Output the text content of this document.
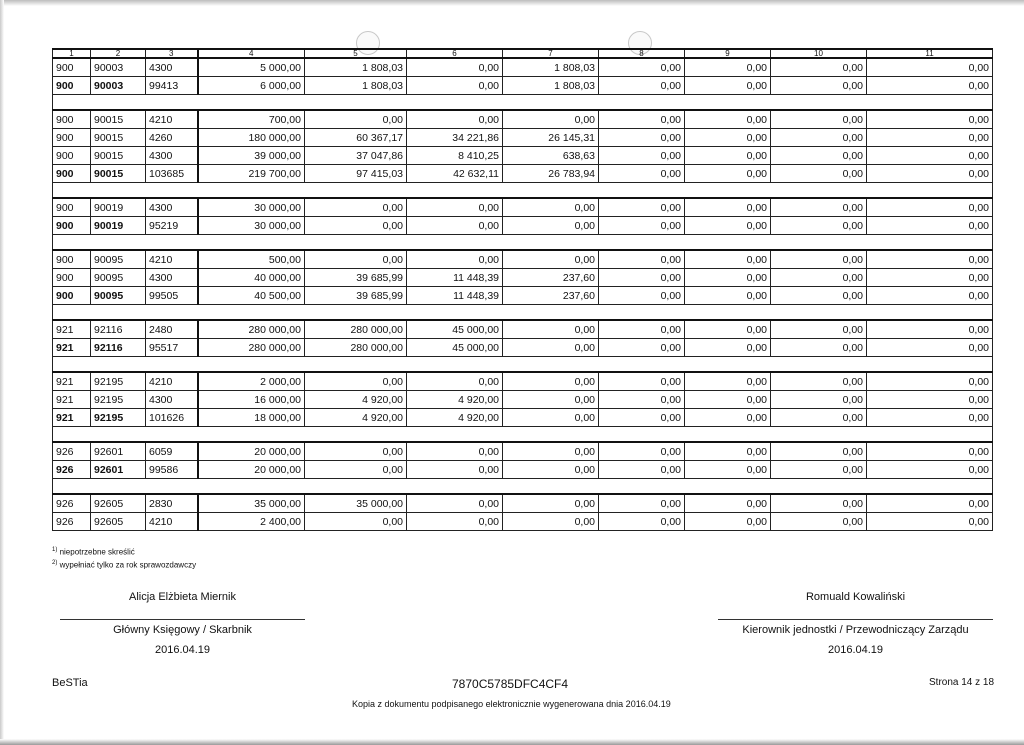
1	2	3	4	5	6	7	8	9	10	11
900	90003	4300	5 000,00	1 808,03	0,00	1 808,03	0,00	0,00	0,00	0,00
900	90003	99413	6 000,00	1 808,03	0,00	1 808,03	0,00	0,00	0,00	0,00

900	90015	4210	700,00	0,00	0,00	0,00	0,00	0,00	0,00	0,00
900	90015	4260	180 000,00	60 367,17	34 221,86	26 145,31	0,00	0,00	0,00	0,00
900	90015	4300	39 000,00	37 047,86	8 410,25	638,63	0,00	0,00	0,00	0,00
900	90015	103685	219 700,00	97 415,03	42 632,11	26 783,94	0,00	0,00	0,00	0,00

900	90019	4300	30 000,00	0,00	0,00	0,00	0,00	0,00	0,00	0,00
900	90019	95219	30 000,00	0,00	0,00	0,00	0,00	0,00	0,00	0,00

900	90095	4210	500,00	0,00	0,00	0,00	0,00	0,00	0,00	0,00
900	90095	4300	40 000,00	39 685,99	11 448,39	237,60	0,00	0,00	0,00	0,00
900	90095	99505	40 500,00	39 685,99	11 448,39	237,60	0,00	0,00	0,00	0,00

921	92116	2480	280 000,00	280 000,00	45 000,00	0,00	0,00	0,00	0,00	0,00
921	92116	95517	280 000,00	280 000,00	45 000,00	0,00	0,00	0,00	0,00	0,00

921	92195	4210	2 000,00	0,00	0,00	0,00	0,00	0,00	0,00	0,00
921	92195	4300	16 000,00	4 920,00	4 920,00	0,00	0,00	0,00	0,00	0,00
921	92195	101626	18 000,00	4 920,00	4 920,00	0,00	0,00	0,00	0,00	0,00

926	92601	6059	20 000,00	0,00	0,00	0,00	0,00	0,00	0,00	0,00
926	92601	99586	20 000,00	0,00	0,00	0,00	0,00	0,00	0,00	0,00

926	92605	2830	35 000,00	35 000,00	0,00	0,00	0,00	0,00	0,00	0,00
926	92605	4210	2 400,00	0,00	0,00	0,00	0,00	0,00	0,00	0,00
$^{1)}$ niepotrzebne skreślić
$^{2)}$ wypełniać tylko za rok sprawozdawczy
Alicja Elżbieta Miernik
Główny Księgowy / Skarbnik
2016.04.19
Romuald Kowaliński
Kierownik jednostki / Przewodniczący Zarządu
2016.04.19
BeSTia	7870C5785DFC4CF4
Kopia z dokumentu podpisanego elektronicznie wygenerowana dnia 2016.04.19
Strona 14 z 18
